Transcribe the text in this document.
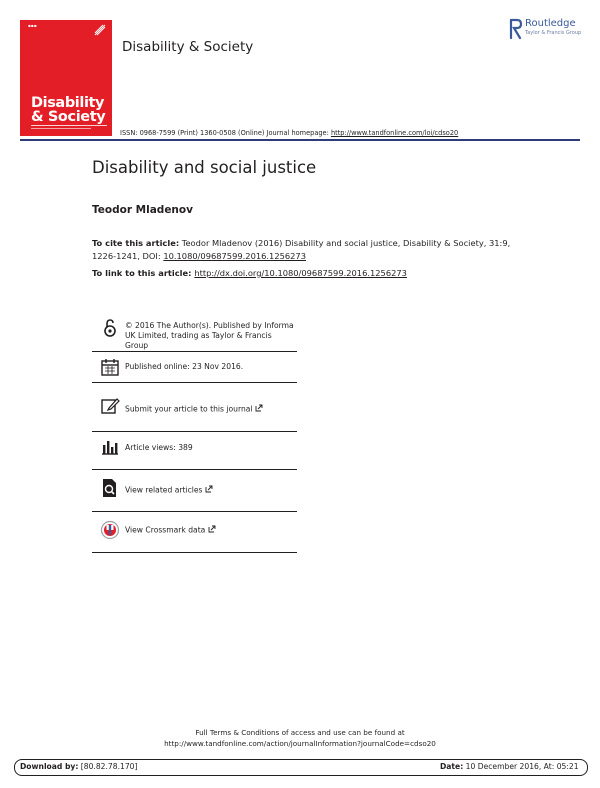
▪▪▪
Disability
& Society
Disability & Society
Routledge
Taylor & Francis Group
ISSN: 0968-7599 (Print) 1360-0508 (Online) Journal homepage: http://www.tandfonline.com/loi/cdso20
Disability and social justice
Teodor Mladenov
To cite this article: Teodor Mladenov (2016) Disability and social justice, Disability & Society, 31:9, 1226-1241, DOI: 10.1080/09687599.2016.1256273
To link to this article: http://dx.doi.org/10.1080/09687599.2016.1256273
© 2016 The Author(s). Published by Informa
UK Limited, trading as Taylor & Francis
Group
Published online: 23 Nov 2016.
Submit your article to this journal
Article views: 389
View related articles
View Crossmark data
Full Terms & Conditions of access and use can be found at
http://www.tandfonline.com/action/journalInformation?journalCode=cdso20
Download by: [80.82.78.170]	Date: 10 December 2016, At: 05:21
